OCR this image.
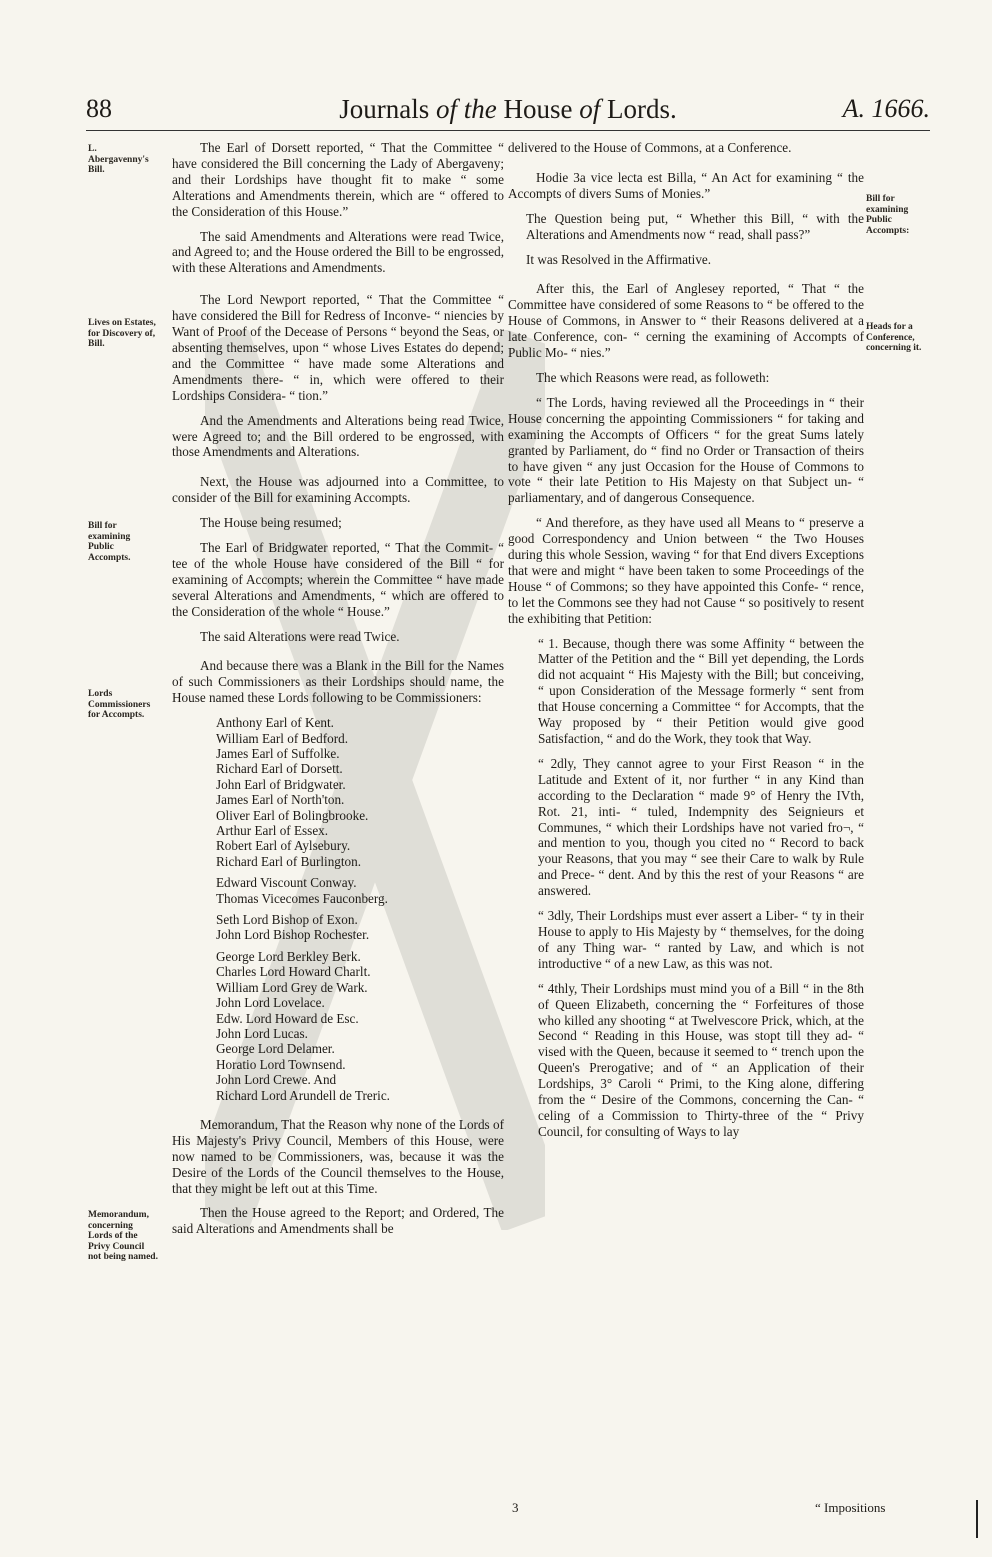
88	Journals of the House of Lords.	A. 1666.
L. Abergavenny's Bill.
Lives on Estates, for Discovery of, Bill.
Bill for examining Public Accompts.
Lords Commissioners for Accompts.
Memorandum, concerning Lords of the Privy Council not being named.
Bill for examining Public Accompts:
Heads for a Conference, concerning it.

The Earl of Dorsett reported, “ That the Committee “ have considered the Bill concerning the Lady of Abergaveny; and their Lordships have thought fit to make “ some Alterations and Amendments therein, which are “ offered to the Consideration of this House.”

The said Amendments and Alterations were read Twice, and Agreed to; and the House ordered the Bill to be engrossed, with these Alterations and Amendments.

The Lord Newport reported, “ That the Committee “ have considered the Bill for Redress of Inconve- “ niencies by Want of Proof of the Decease of Persons “ beyond the Seas, or absenting themselves, upon “ whose Lives Estates do depend; and the Committee “ have made some Alterations and Amendments there- “ in, which were offered to their Lordships Considera- “ tion.”

And the Amendments and Alterations being read Twice, were Agreed to; and the Bill ordered to be engrossed, with those Amendments and Alterations.

Next, the House was adjourned into a Committee, to consider of the Bill for examining Accompts.

The House being resumed;

The Earl of Bridgwater reported, “ That the Commit- “ tee of the whole House have considered of the Bill “ for examining of Accompts; wherein the Committee “ have made several Alterations and Amendments, “ which are offered to the Consideration of the whole “ House.”

The said Alterations were read Twice.

And because there was a Blank in the Bill for the Names of such Commissioners as their Lordships should name, the House named these Lords following to be Commissioners:

Anthony Earl of Kent.
William Earl of Bedford.
James Earl of Suffolke.
Richard Earl of Dorsett.
John Earl of Bridgwater.
James Earl of North'ton.
Oliver Earl of Bolingbrooke.
Arthur Earl of Essex.
Robert Earl of Aylsebury.
Richard Earl of Burlington.
Edward Viscount Conway.
Thomas Vicecomes Fauconberg.
Seth Lord Bishop of Exon.
John Lord Bishop Rochester.
George Lord Berkley Berk.
Charles Lord Howard Charlt.
William Lord Grey de Wark.
John Lord Lovelace.
Edw. Lord Howard de Esc.
John Lord Lucas.
George Lord Delamer.
Horatio Lord Townsend.
John Lord Crewe. And
Richard Lord Arundell de Treric.

Memorandum, That the Reason why none of the Lords of His Majesty's Privy Council, Members of this House, were now named to be Commissioners, was, because it was the Desire of the Lords of the Council themselves to the House, that they might be left out at this Time.

Then the House agreed to the Report; and Ordered, The said Alterations and Amendments shall be

delivered to the House of Commons, at a Conference.

Hodie 3a vice lecta est Billa, “ An Act for examining “ the Accompts of divers Sums of Monies.”

The Question being put, “ Whether this Bill, “ with the Alterations and Amendments now “ read, shall pass?”

It was Resolved in the Affirmative.

After this, the Earl of Anglesey reported, “ That “ the Committee have considered of some Reasons to “ be offered to the House of Commons, in Answer to “ their Reasons delivered at a late Conference, con- “ cerning the examining of Accompts of Public Mo- “ nies.”

The which Reasons were read, as followeth:

“ The Lords, having reviewed all the Proceedings in “ their House concerning the appointing Commissioners “ for taking and examining the Accompts of Officers “ for the great Sums lately granted by Parliament, do “ find no Order or Transaction of theirs to have given “ any just Occasion for the House of Commons to vote “ their late Petition to His Majesty on that Subject un- “ parliamentary, and of dangerous Consequence.

“ And therefore, as they have used all Means to “ preserve a good Correspondency and Union between “ the Two Houses during this whole Session, waving “ for that End divers Exceptions that were and might “ have been taken to some Proceedings of the House “ of Commons; so they have appointed this Confe- “ rence, to let the Commons see they had not Cause “ so positively to resent the exhibiting that Petition:

“ 1. Because, though there was some Affinity “ between the Matter of the Petition and the “ Bill yet depending, the Lords did not acquaint “ His Majesty with the Bill; but conceiving, “ upon Consideration of the Message formerly “ sent from that House concerning a Committee “ for Accompts, that the Way proposed by “ their Petition would give good Satisfaction, “ and do the Work, they took that Way.

“ 2dly, They cannot agree to your First Reason “ in the Latitude and Extent of it, nor further “ in any Kind than according to the Declaration “ made 9° of Henry the IVth, Rot. 21, inti- “ tuled, Indempnity des Seignieurs et Communes, “ which their Lordships have not varied fro¬, “ and mention to you, though you cited no “ Record to back your Reasons, that you may “ see their Care to walk by Rule and Prece- “ dent. And by this the rest of your Reasons “ are answered.

“ 3dly, Their Lordships must ever assert a Liber- “ ty in their House to apply to His Majesty by “ themselves, for the doing of any Thing war- “ ranted by Law, and which is not introductive “ of a new Law, as this was not.

“ 4thly, Their Lordships must mind you of a Bill “ in the 8th of Queen Elizabeth, concerning the “ Forfeitures of those who killed any shooting “ at Twelvescore Prick, which, at the Second “ Reading in this House, was stopt till they ad- “ vised with the Queen, because it seemed to “ trench upon the Queen's Prerogative; and of “ an Application of their Lordships, 3° Caroli “ Primi, to the King alone, differing from the “ Desire of the Commons, concerning the Can- “ celing of a Commission to Thirty-three of the “ Privy Council, for consulting of Ways to lay

3	“ Impositions
